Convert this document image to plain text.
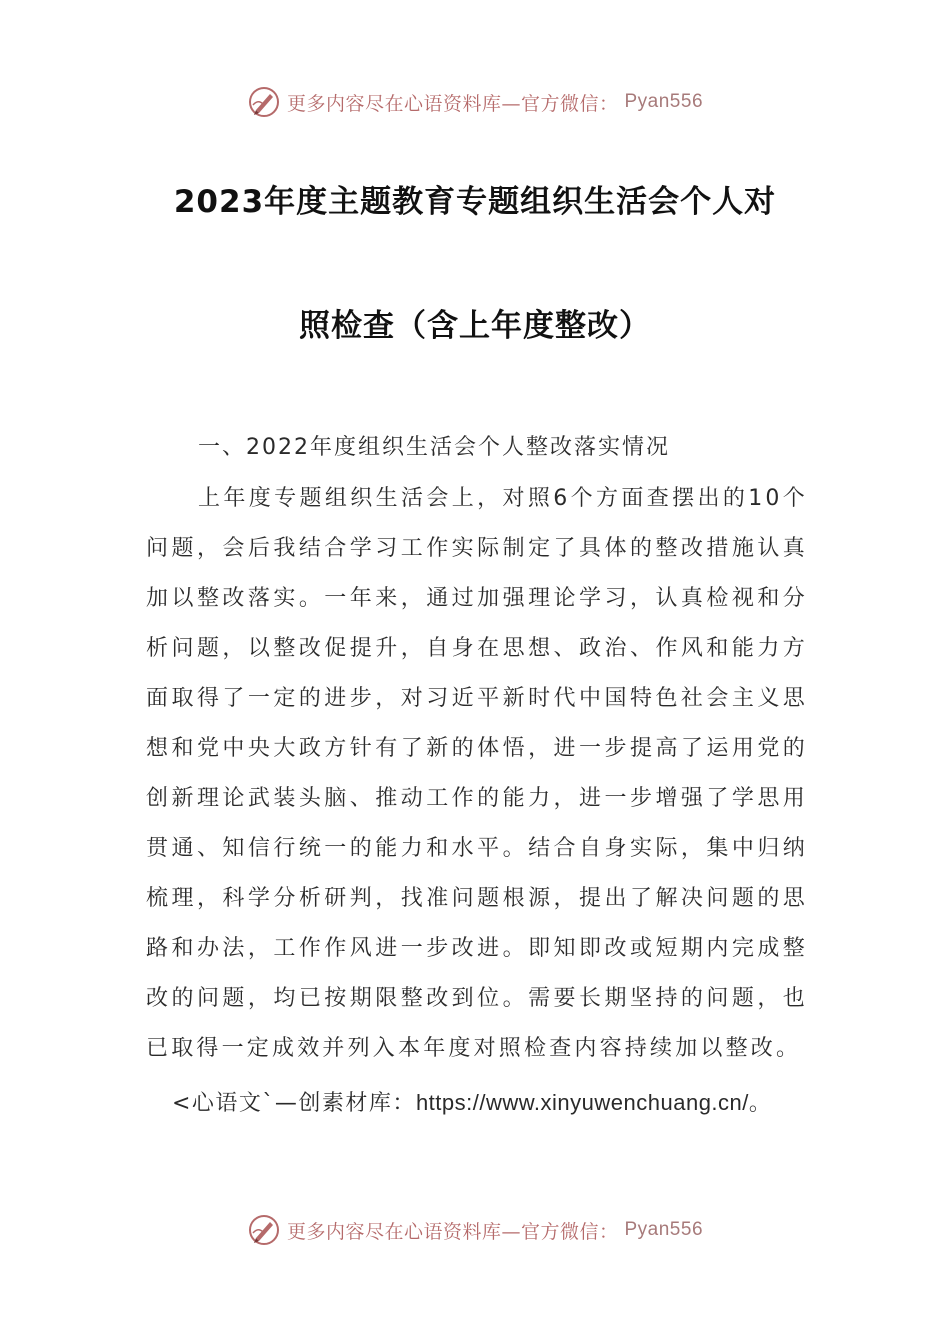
更多内容尽在心语资料库—官方微信： Pyan556
2023年度主题教育专题组织生活会个人对
照检查（含上年度整改）
一、2022年度组织生活会个人整改落实情况
上年度专题组织生活会上，对照6个方面查摆出的10个问题，会后我结合学习工作实际制定了具体的整改措施认真加以整改落实。一年来，通过加强理论学习，认真检视和分析问题，以整改促提升，自身在思想、政治、作风和能力方面取得了一定的进步，对习近平新时代中国特色社会主义思想和党中央大政方针有了新的体悟，进一步提高了运用党的创新理论武装头脑、推动工作的能力，进一步增强了学思用贯通、知信行统一的能力和水平。结合自身实际，集中归纳梳理，科学分析研判，找准问题根源，提出了解决问题的思路和办法，工作作风进一步改进。即知即改或短期内完成整改的问题，均已按期限整改到位。需要长期坚持的问题，也已取得一定成效并列入本年度对照检查内容持续加以整改。
<心语文`—创素材库：https://www.xinyuwenchuang.cn/。
更多内容尽在心语资料库—官方微信： Pyan556
